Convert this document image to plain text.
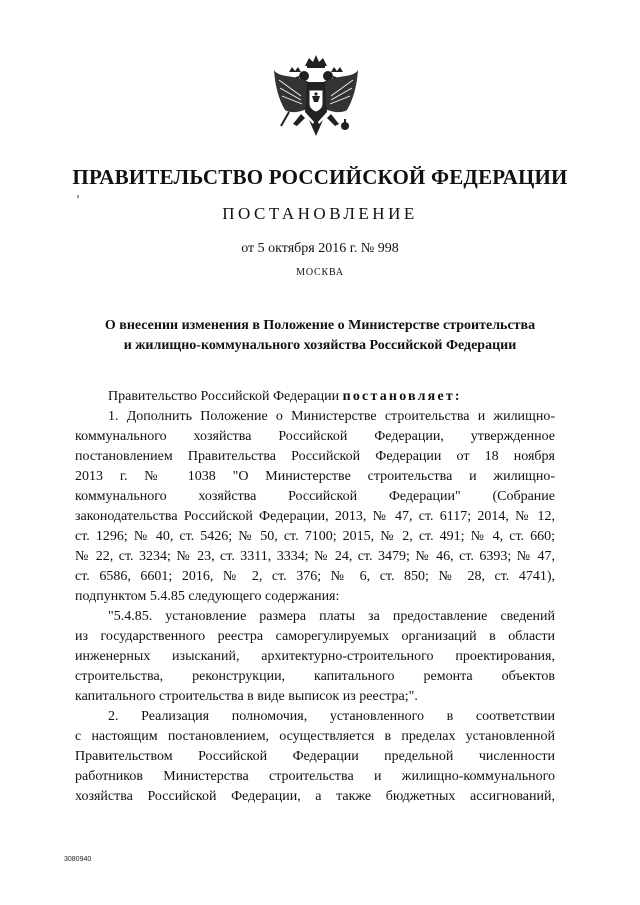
ПРАВИТЕЛЬСТВО РОССИЙСКОЙ ФЕДЕРАЦИИ
ПОСТАНОВЛЕНИЕ
от 5 октября 2016 г. № 998
МОСКВА
О внесении изменения в Положение о Министерстве строительства
и жилищно-коммунального хозяйства Российской Федерации
Правительство Российской Федерации постановляет:
1. Дополнить Положение о Министерстве строительства и жилищно-
коммунального хозяйства Российской Федерации, утвержденное
постановлением Правительства Российской Федерации от 18 ноября
2013 г. № 1038 "О Министерстве строительства и жилищно-
коммунального хозяйства Российской Федерации" (Собрание
законодательства Российской Федерации, 2013, № 47, ст. 6117; 2014, № 12,
ст. 1296; № 40, ст. 5426; № 50, ст. 7100; 2015, № 2, ст. 491; № 4, ст. 660;
№ 22, ст. 3234; № 23, ст. 3311, 3334; № 24, ст. 3479; № 46, ст. 6393; № 47,
ст. 6586, 6601; 2016, № 2, ст. 376; № 6, ст. 850; № 28, ст. 4741),
подпунктом 5.4.85 следующего содержания:
"5.4.85. установление размера платы за предоставление сведений
из государственного реестра саморегулируемых организаций в области
инженерных изысканий, архитектурно-строительного проектирования,
строительства, реконструкции, капитального ремонта объектов
капитального строительства в виде выписок из реестра;".
2. Реализация полномочия, установленного в соответствии
с настоящим постановлением, осуществляется в пределах установленной
Правительством Российской Федерации предельной численности
работников Министерства строительства и жилищно-коммунального
хозяйства Российской Федерации, а также бюджетных ассигнований,
3080940
